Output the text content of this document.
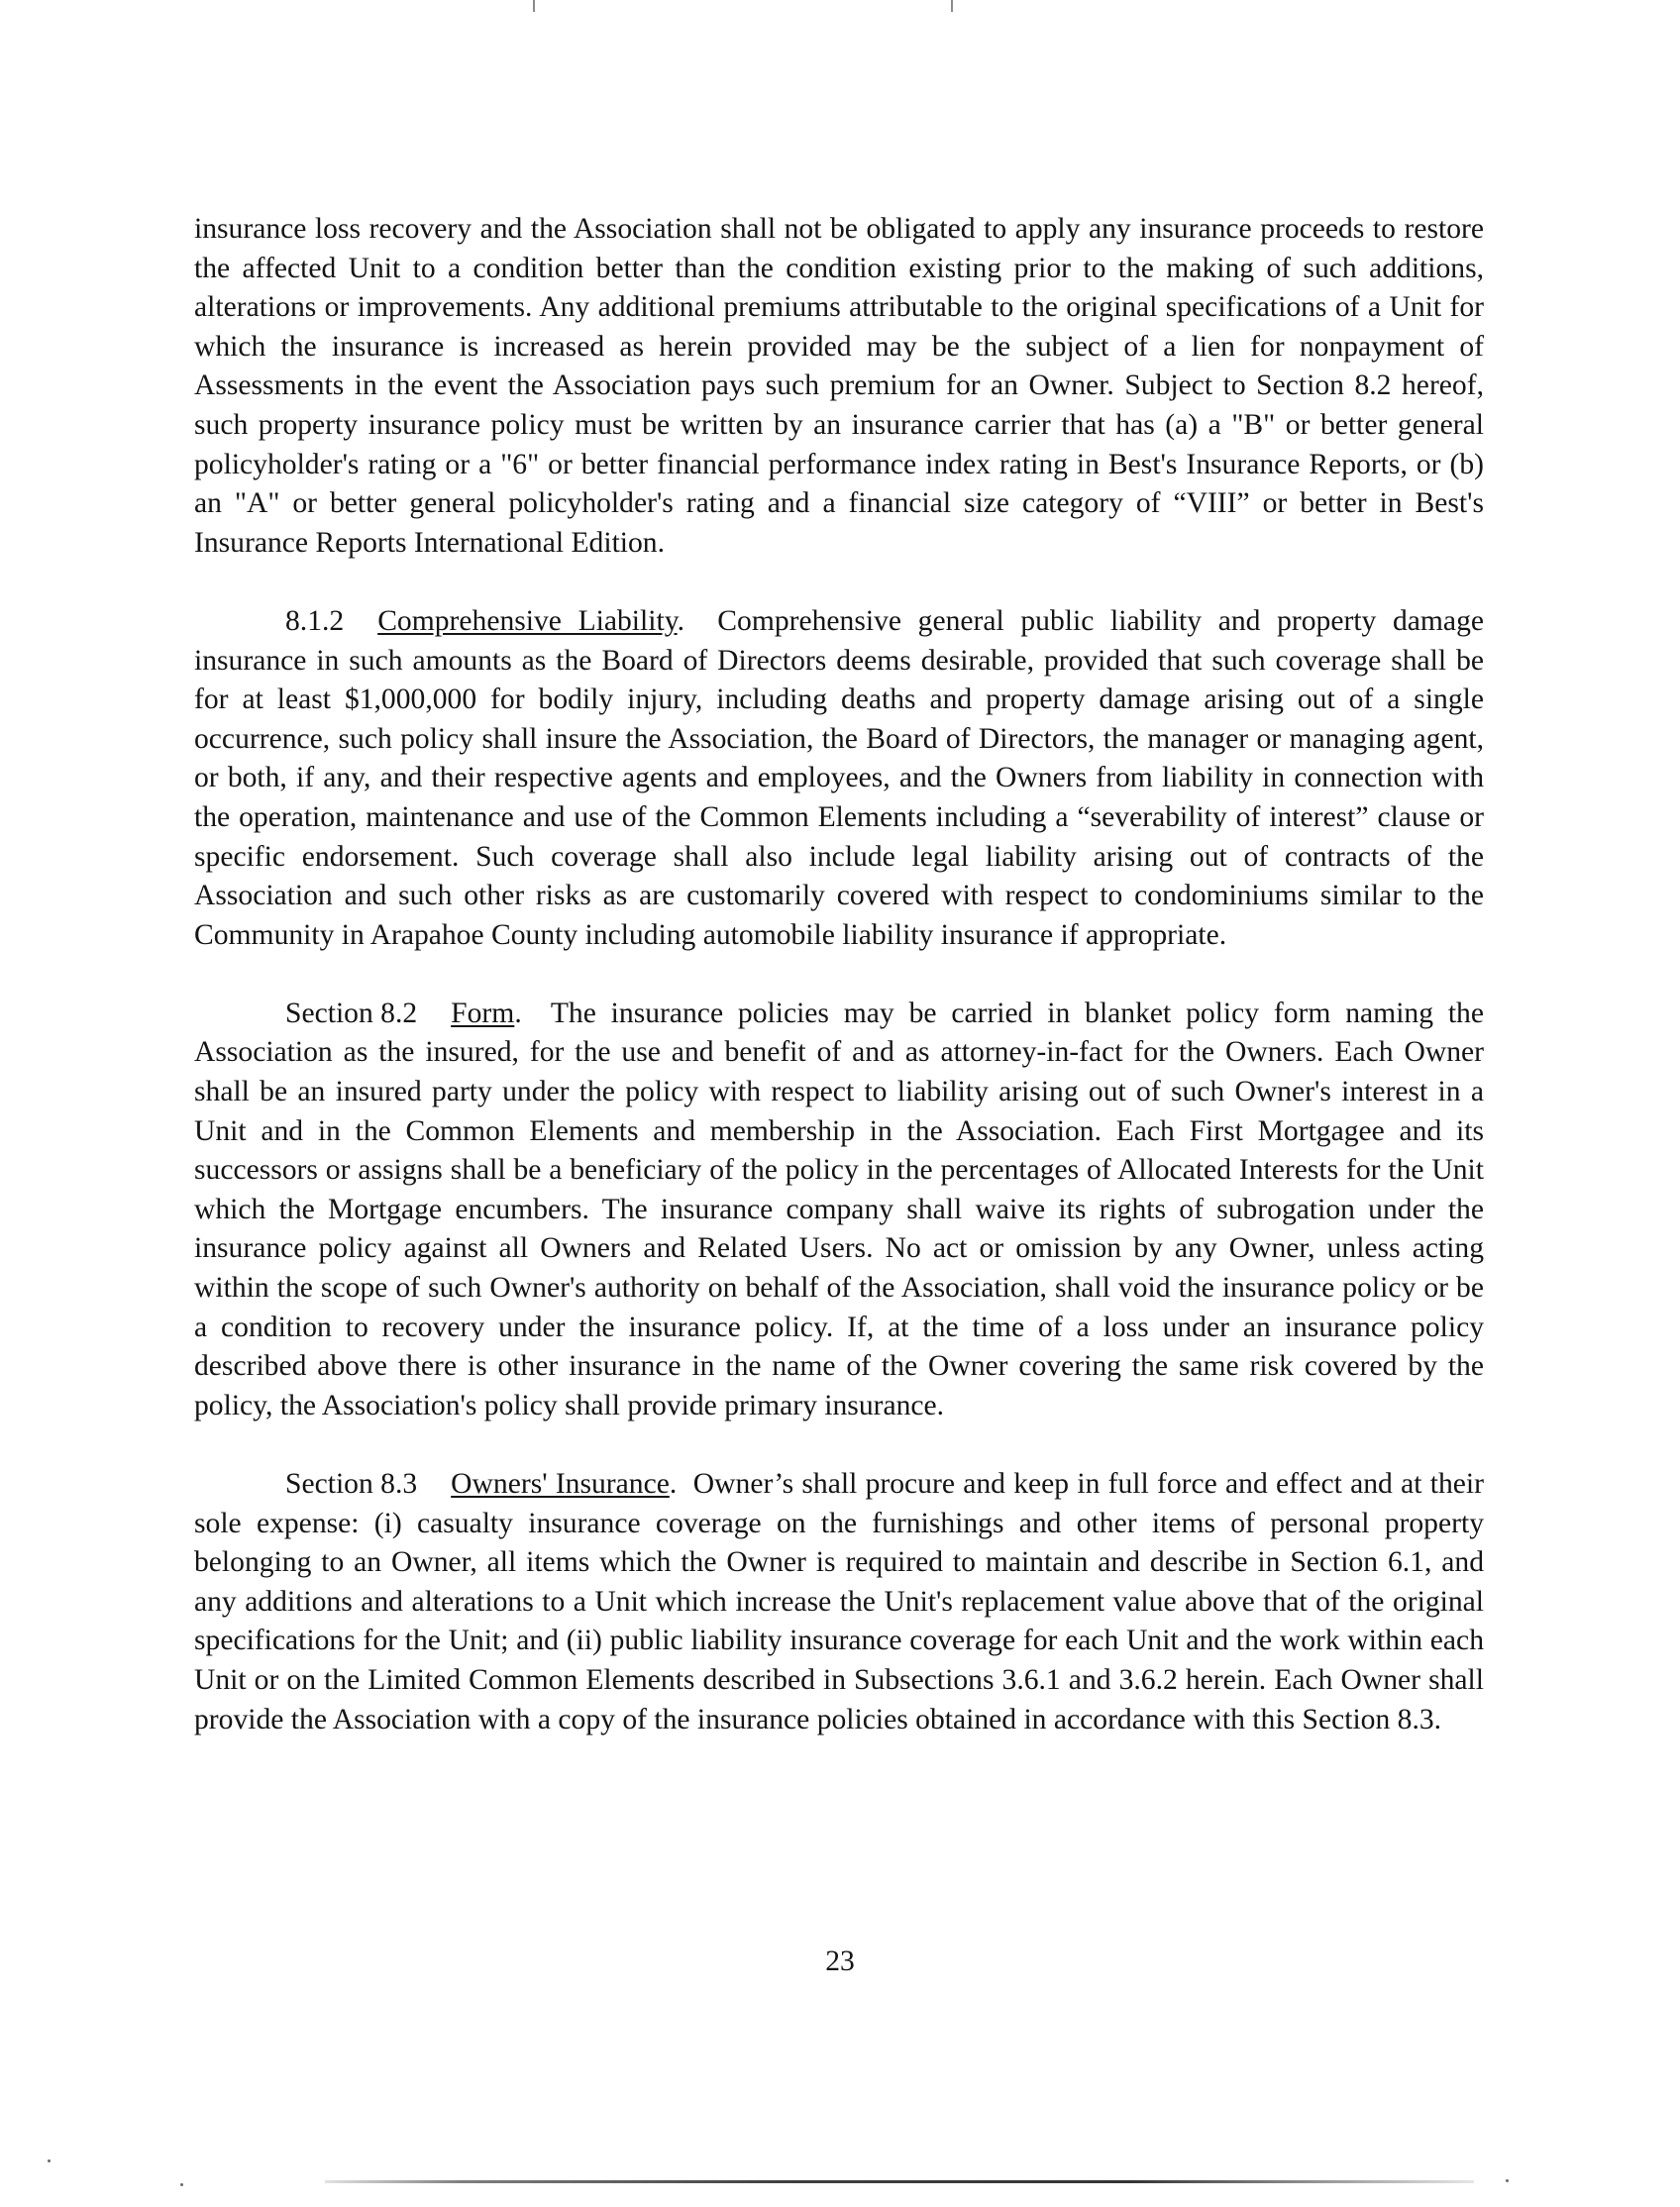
insurance loss recovery and the Association shall not be obligated to apply any insurance proceeds to restore the affected Unit to a condition better than the condition existing prior to the making of such additions, alterations or improvements. Any additional premiums attributable to the original specifications of a Unit for which the insurance is increased as herein provided may be the subject of a lien for nonpayment of Assessments in the event the Association pays such premium for an Owner. Subject to Section 8.2 hereof, such property insurance policy must be written by an insurance carrier that has (a) a "B" or better general policyholder's rating or a "6" or better financial performance index rating in Best's Insurance Reports, or (b) an "A" or better general policyholder's rating and a financial size category of “VIII” or better in Best's Insurance Reports International Edition.

8.1.2 Comprehensive Liability.  Comprehensive general public liability and property damage insurance in such amounts as the Board of Directors deems desirable, provided that such coverage shall be for at least $1,000,000 for bodily injury, including deaths and property damage arising out of a single occurrence, such policy shall insure the Association, the Board of Directors, the manager or managing agent, or both, if any, and their respective agents and employees, and the Owners from liability in connection with the operation, maintenance and use of the Common Elements including a “severability of interest” clause or specific endorsement. Such coverage shall also include legal liability arising out of contracts of the Association and such other risks as are customarily covered with respect to condominiums similar to the Community in Arapahoe County including automobile liability insurance if appropriate.

Section 8.2 Form.  The insurance policies may be carried in blanket policy form naming the Association as the insured, for the use and benefit of and as attorney-in-fact for the Owners. Each Owner shall be an insured party under the policy with respect to liability arising out of such Owner's interest in a Unit and in the Common Elements and membership in the Association. Each First Mortgagee and its successors or assigns shall be a beneficiary of the policy in the percentages of Allocated Interests for the Unit which the Mortgage encumbers. The insurance company shall waive its rights of subrogation under the insurance policy against all Owners and Related Users. No act or omission by any Owner, unless acting within the scope of such Owner's authority on behalf of the Association, shall void the insurance policy or be a condition to recovery under the insurance policy. If, at the time of a loss under an insurance policy described above there is other insurance in the name of the Owner covering the same risk covered by the policy, the Association's policy shall provide primary insurance.

Section 8.3 Owners' Insurance.  Owner’s shall procure and keep in full force and effect and at their sole expense: (i) casualty insurance coverage on the furnishings and other items of personal property belonging to an Owner, all items which the Owner is required to maintain and describe in Section 6.1, and any additions and alterations to a Unit which increase the Unit's replacement value above that of the original specifications for the Unit; and (ii) public liability insurance coverage for each Unit and the work within each Unit or on the Limited Common Elements described in Subsections 3.6.1 and 3.6.2 herein. Each Owner shall provide the Association with a copy of the insurance policies obtained in accordance with this Section 8.3.

23
